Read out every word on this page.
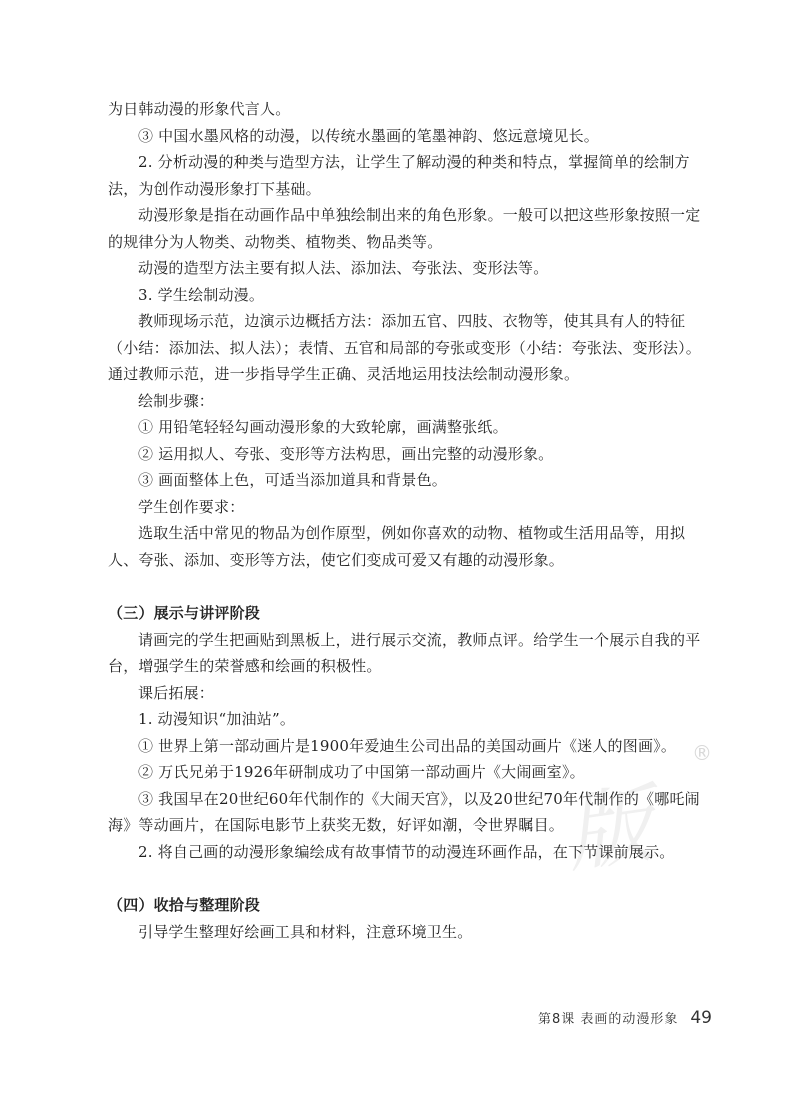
版
®
为日韩动漫的形象代言人。
③ 中国水墨风格的动漫，以传统水墨画的笔墨神韵、悠远意境见长。
2. 分析动漫的种类与造型方法，让学生了解动漫的种类和特点，掌握简单的绘制方
法，为创作动漫形象打下基础。
动漫形象是指在动画作品中单独绘制出来的角色形象。一般可以把这些形象按照一定
的规律分为人物类、动物类、植物类、物品类等。
动漫的造型方法主要有拟人法、添加法、夸张法、变形法等。
3. 学生绘制动漫。
教师现场示范，边演示边概括方法：添加五官、四肢、衣物等，使其具有人的特征
（小结：添加法、拟人法）；表情、五官和局部的夸张或变形（小结：夸张法、变形法）。
通过教师示范，进一步指导学生正确、灵活地运用技法绘制动漫形象。
绘制步骤：
① 用铅笔轻轻勾画动漫形象的大致轮廓，画满整张纸。
② 运用拟人、夸张、变形等方法构思，画出完整的动漫形象。
③ 画面整体上色，可适当添加道具和背景色。
学生创作要求：
选取生活中常见的物品为创作原型，例如你喜欢的动物、植物或生活用品等，用拟
人、夸张、添加、变形等方法，使它们变成可爱又有趣的动漫形象。
（三）展示与讲评阶段
请画完的学生把画贴到黑板上，进行展示交流，教师点评。给学生一个展示自我的平
台，增强学生的荣誉感和绘画的积极性。
课后拓展：
1. 动漫知识“加油站”。
① 世界上第一部动画片是1900年爱迪生公司出品的美国动画片《迷人的图画》。
② 万氏兄弟于1926年研制成功了中国第一部动画片《大闹画室》。
③ 我国早在20世纪60年代制作的《大闹天宫》，以及20世纪70年代制作的《哪吒闹
海》等动画片，在国际电影节上获奖无数，好评如潮，令世界瞩目。
2. 将自己画的动漫形象编绘成有故事情节的动漫连环画作品，在下节课前展示。
（四）收拾与整理阶段
引导学生整理好绘画工具和材料，注意环境卫生。
第8课 表画的动漫形象 49
